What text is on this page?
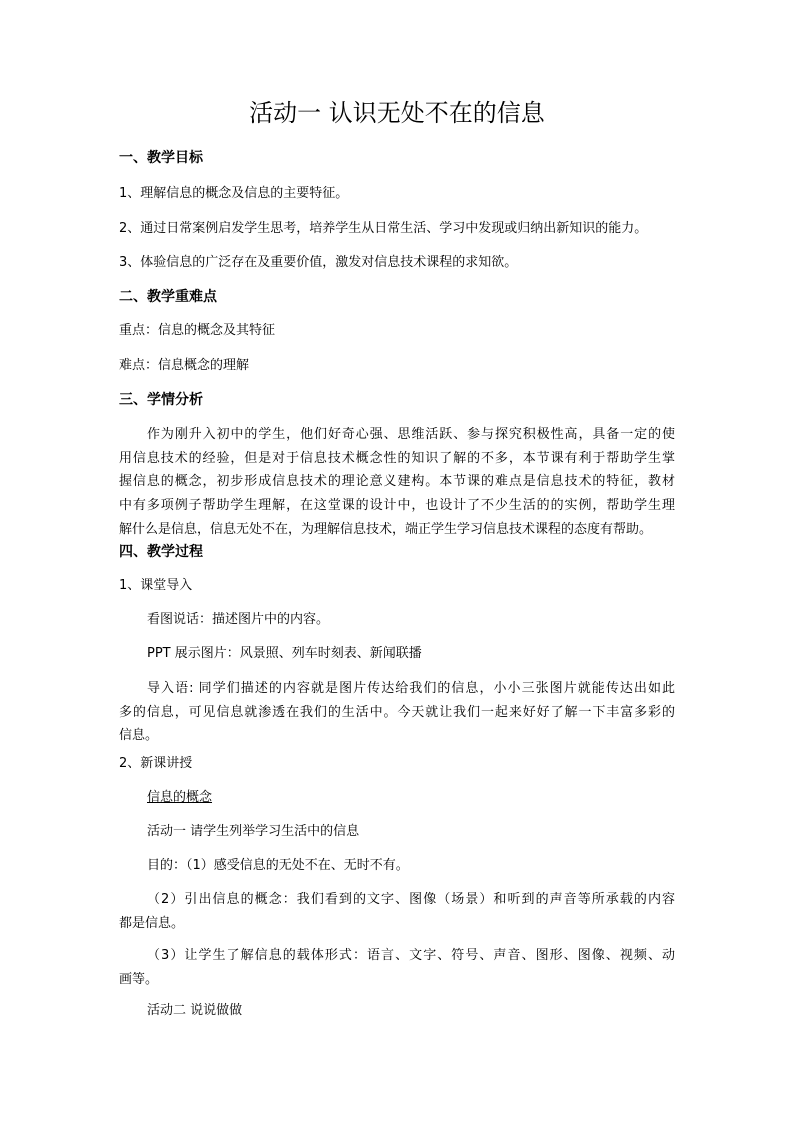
活动一 认识无处不在的信息
一、教学目标
1、理解信息的概念及信息的主要特征。
2、通过日常案例启发学生思考，培养学生从日常生活、学习中发现或归纳出新知识的能力。
3、体验信息的广泛存在及重要价值，激发对信息技术课程的求知欲。
二、教学重难点
重点：信息的概念及其特征
难点：信息概念的理解
三、学情分析
作为刚升入初中的学生，他们好奇心强、思维活跃、参与探究积极性高，具备一定的使
用信息技术的经验，但是对于信息技术概念性的知识了解的不多，本节课有利于帮助学生掌
握信息的概念，初步形成信息技术的理论意义建构。本节课的难点是信息技术的特征，教材
中有多项例子帮助学生理解，在这堂课的设计中，也设计了不少生活的的实例，帮助学生理
解什么是信息，信息无处不在，为理解信息技术，端正学生学习信息技术课程的态度有帮助。
四、教学过程
1、课堂导入
看图说话：描述图片中的内容。
PPT 展示图片：风景照、列车时刻表、新闻联播
导入语: 同学们描述的内容就是图片传达给我们的信息，小小三张图片就能传达出如此
多的信息，可见信息就渗透在我们的生活中。今天就让我们一起来好好了解一下丰富多彩的
信息。
2、新课讲授
信息的概念
活动一 请学生列举学习生活中的信息
目的：（1）感受信息的无处不在、无时不有。
（2）引出信息的概念：我们看到的文字、图像（场景）和听到的声音等所承载的内容
都是信息。
（3）让学生了解信息的载体形式：语言、文字、符号、声音、图形、图像、视频、动
画等。
活动二 说说做做
